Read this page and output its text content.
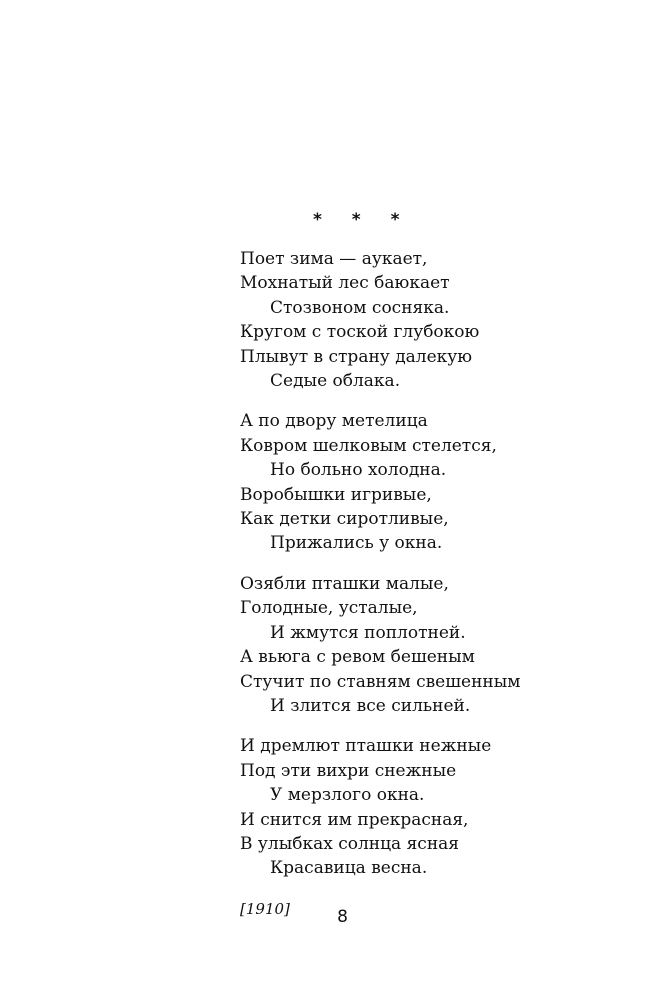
* * *
Поет зима — аукает,
Мохнатый лес баюкает
Стозвоном сосняка.
Кругом с тоской глубокою
Плывут в страну далекую
Седые облака.
А по двору метелица
Ковром шелковым стелется,
Но больно холодна.
Воробышки игривые,
Как детки сиротливые,
Прижались у окна.
Озябли пташки малые,
Голодные, усталые,
И жмутся поплотней.
А вьюга с ревом бешеным
Стучит по ставням свешенным
И злится все сильней.
И дремлют пташки нежные
Под эти вихри снежные
У мерзлого окна.
И снится им прекрасная,
В улыбках солнца ясная
Красавица весна.
[1910]	8
